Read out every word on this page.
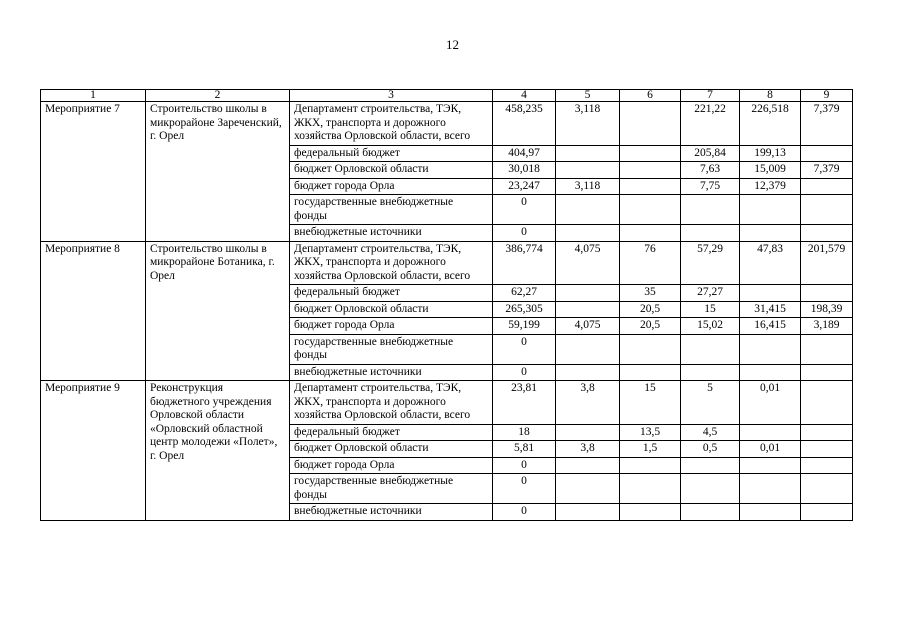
12
1	2	3	4	5	6	7	8	9
Мероприятие 7	Строительство школы в микрорайоне Зареченский, г. Орел	Департамент строительства, ТЭК, ЖКХ, транспорта и дорожного хозяйства Орловской области, всего	458,235	3,118		221,22	226,518	7,379
		федеральный бюджет	404,97			205,84	199,13	
		бюджет Орловской области	30,018			7,63	15,009	7,379
		бюджет города Орла	23,247	3,118		7,75	12,379	
		государственные внебюджетные фонды	0					
		внебюджетные источники	0					
Мероприятие 8	Строительство школы в микрорайоне Ботаника, г. Орел	Департамент строительства, ТЭК, ЖКХ, транспорта и дорожного хозяйства Орловской области, всего	386,774	4,075	76	57,29	47,83	201,579
		федеральный бюджет	62,27		35	27,27		
		бюджет Орловской области	265,305		20,5	15	31,415	198,39
		бюджет города Орла	59,199	4,075	20,5	15,02	16,415	3,189
		государственные внебюджетные фонды	0					
		внебюджетные источники	0					
Мероприятие 9	Реконструкция бюджетного учреждения Орловской области «Орловский областной центр молодежи «Полет», г. Орел	Департамент строительства, ТЭК, ЖКХ, транспорта и дорожного хозяйства Орловской области, всего	23,81	3,8	15	5	0,01	
		федеральный бюджет	18		13,5	4,5		
		бюджет Орловской области	5,81	3,8	1,5	0,5	0,01	
		бюджет города Орла	0					
		государственные внебюджетные фонды	0					
		внебюджетные источники	0					
